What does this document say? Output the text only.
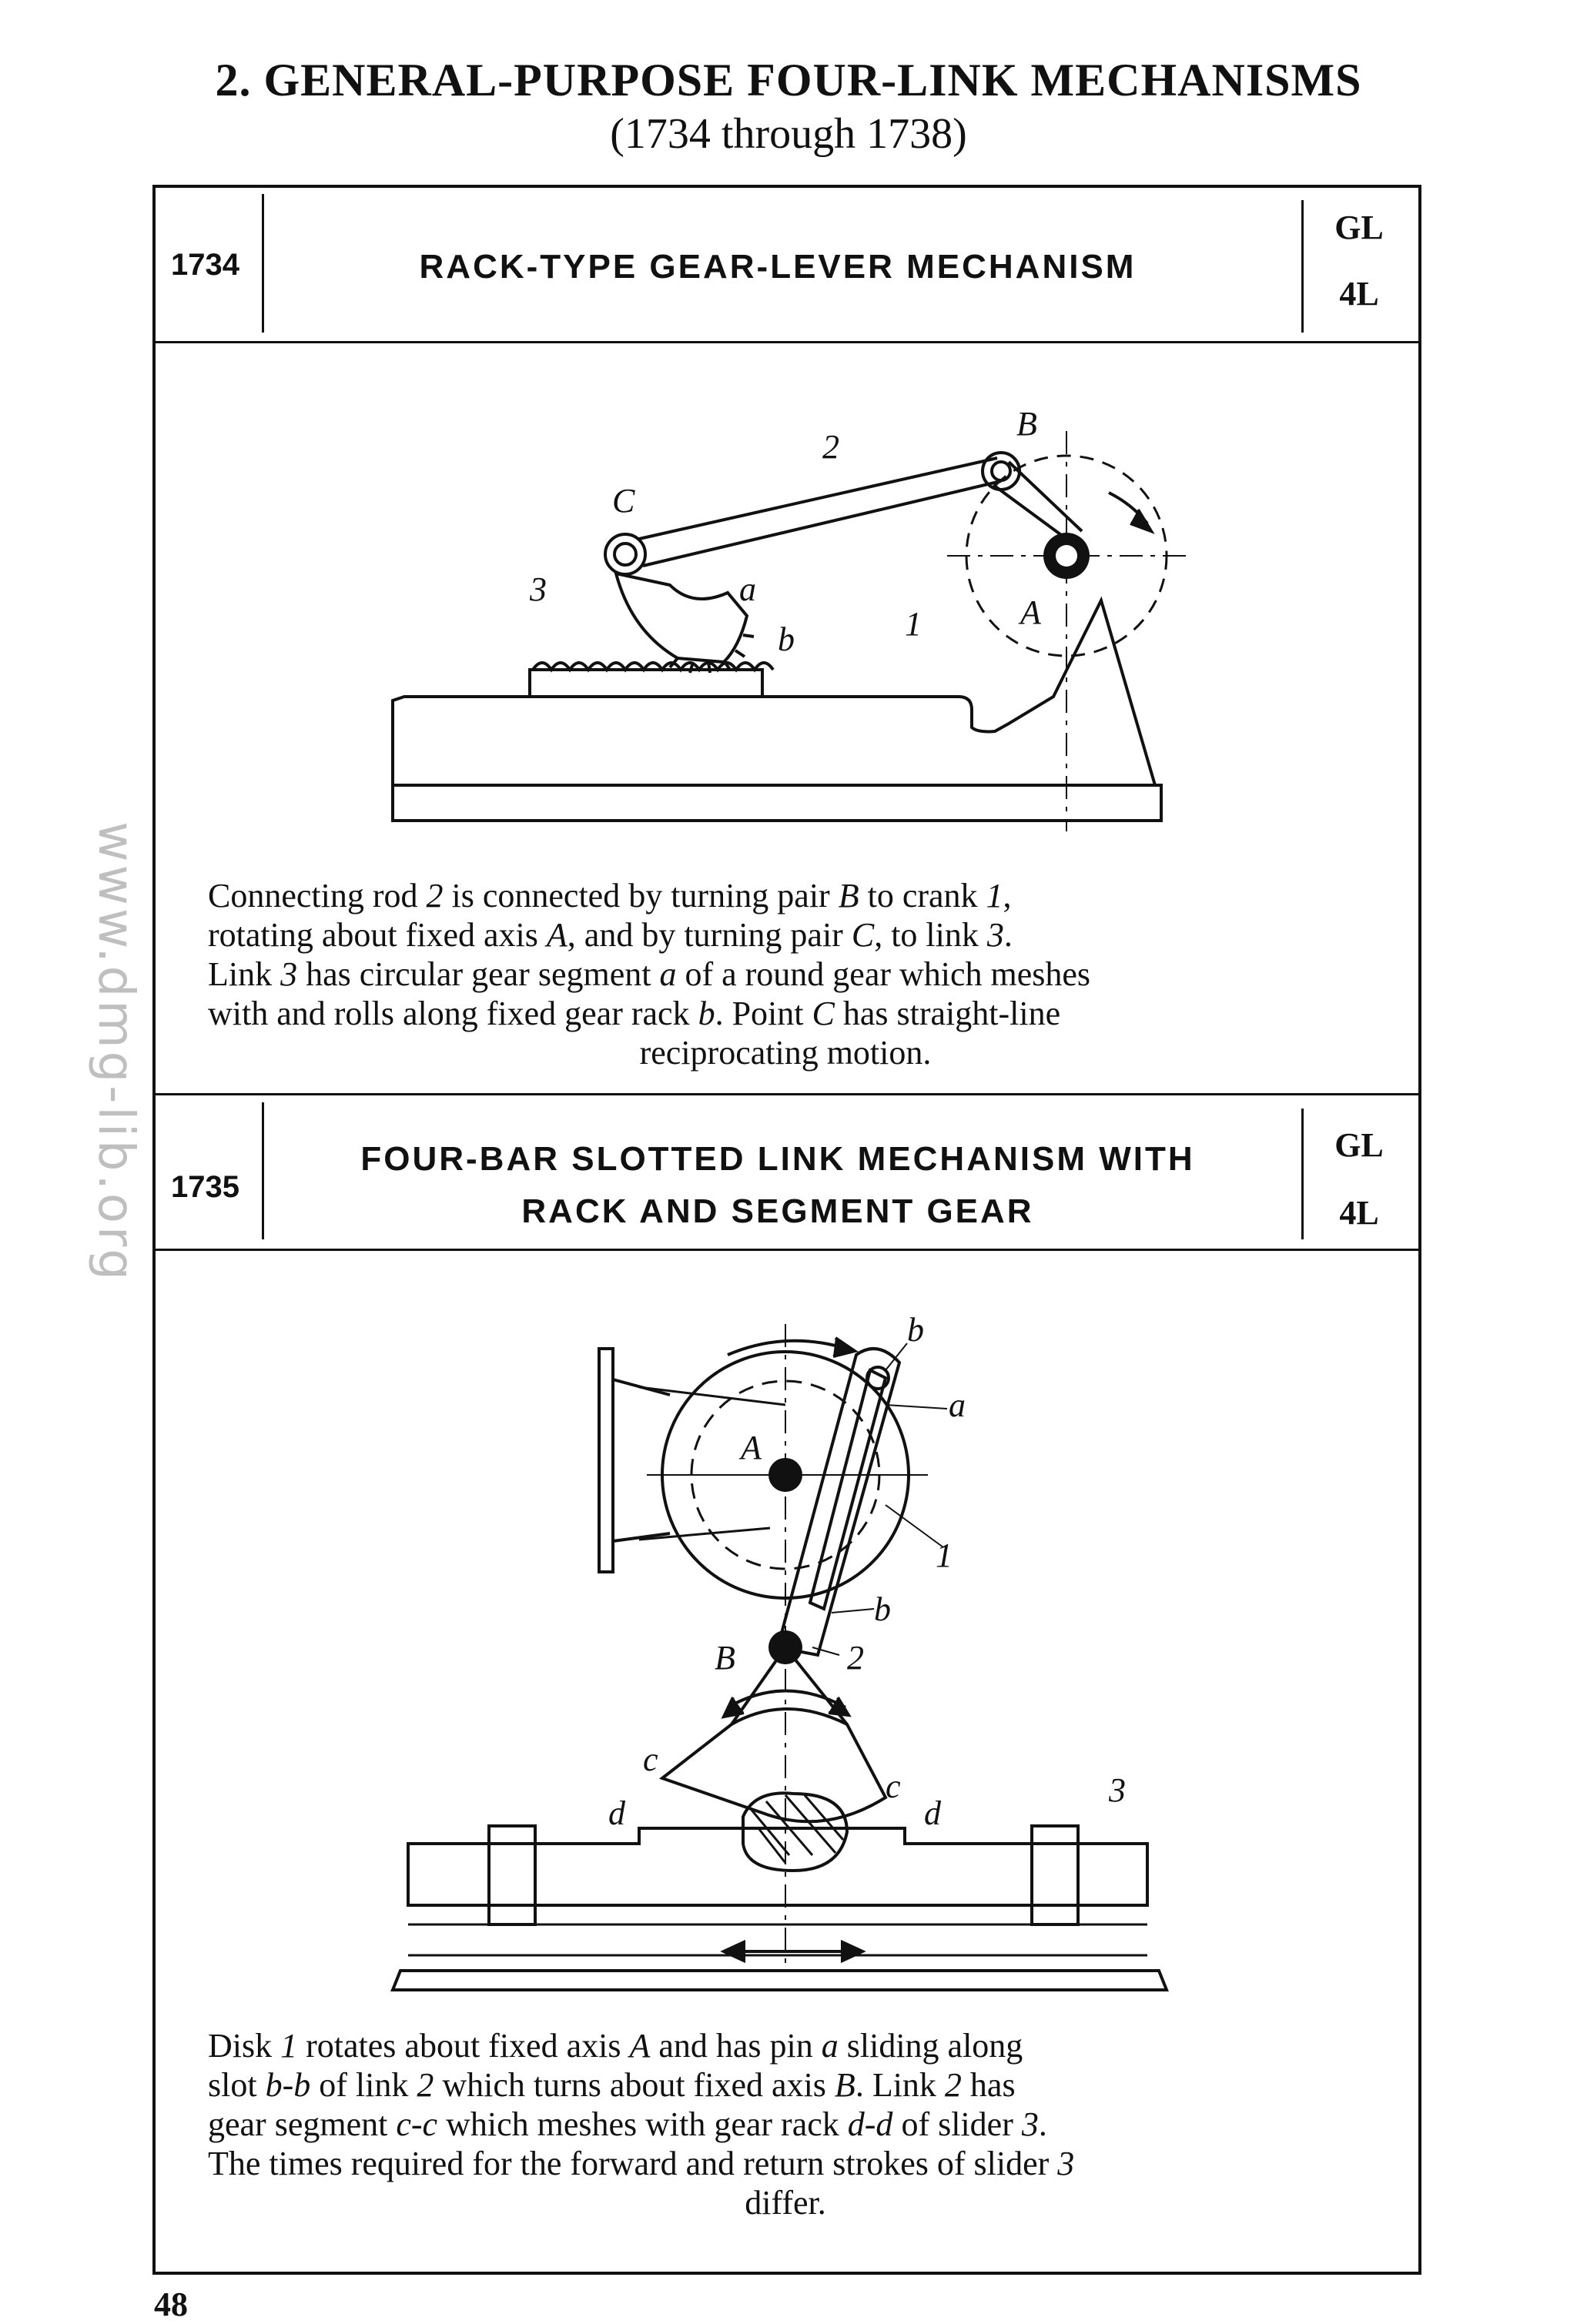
2. GENERAL-PURPOSE FOUR-LINK MECHANISMS
(1734 through 1738)
1734	RACK-TYPE GEAR-LEVER MECHANISM
GL
4L
2
B
C
3	a
b	1	A

Connecting rod 2 is connected by turning pair B to crank 1,

rotating about fixed axis A, and by turning pair C, to link 3.

Link 3 has circular gear segment a of a round gear which meshes

with and rolls along fixed gear rack b. Point C has straight-line

reciprocating motion.

1735
FOUR-BAR SLOTTED LINK MECHANISM WITH
RACK AND SEGMENT GEAR
GL
4L
b
a
A
1
b
B	2
c
c
d	d
3

Disk 1 rotates about fixed axis A and has pin a sliding along

slot b-b of link 2 which turns about fixed axis B. Link 2 has

gear segment c-c which meshes with gear rack d-d of slider 3.

The times required for the forward and return strokes of slider 3

differ.

www.dmg-lib.org
48
